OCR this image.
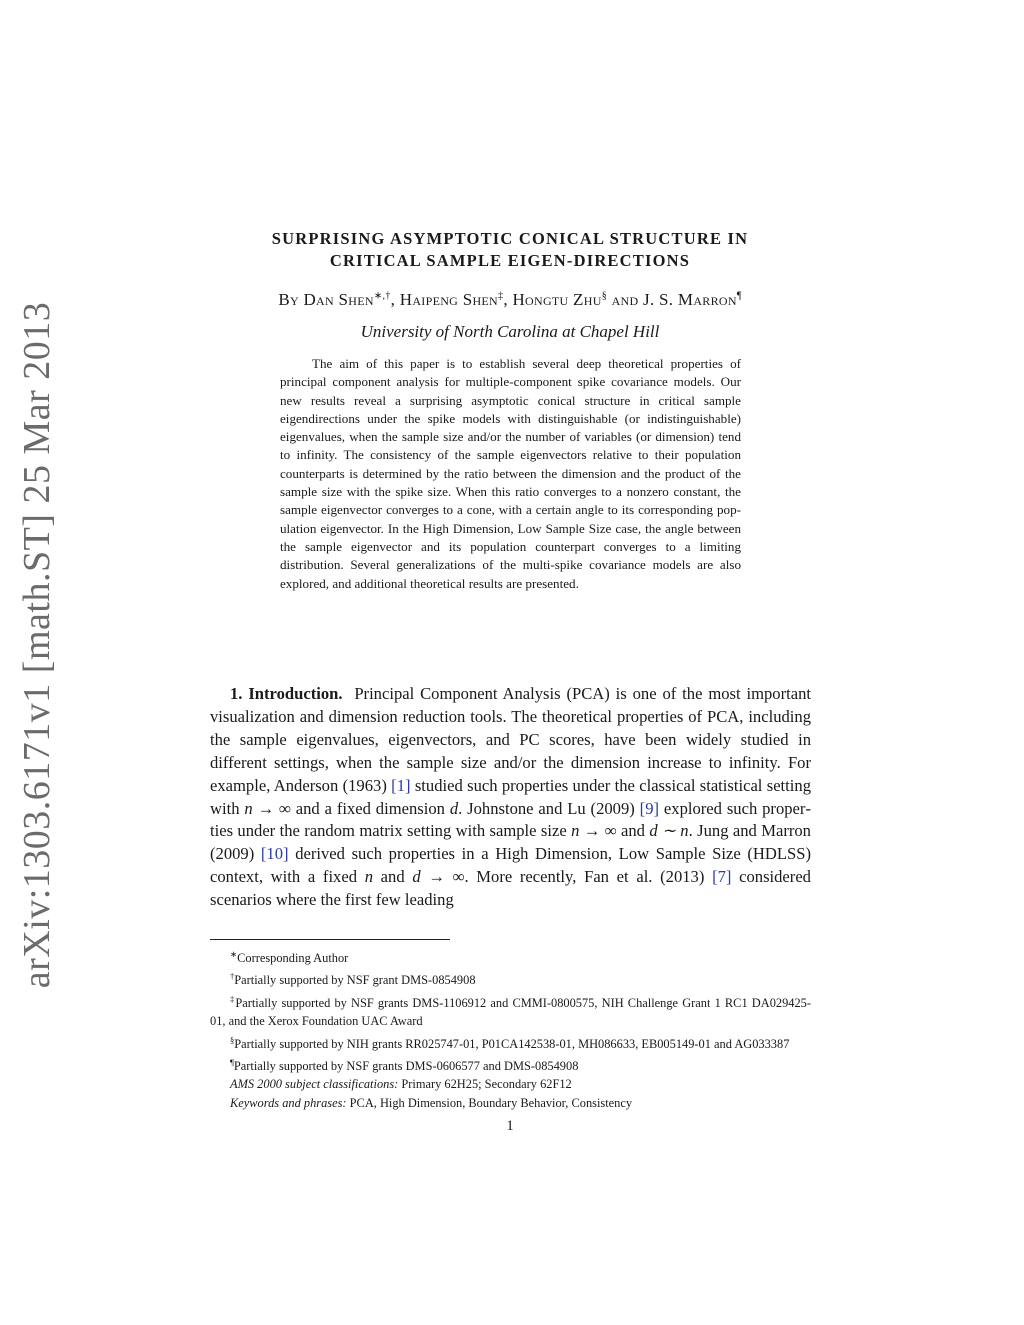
arXiv:1303.6171v1 [math.ST] 25 Mar 2013
SURPRISING ASYMPTOTIC CONICAL STRUCTURE IN
CRITICAL SAMPLE EIGEN-DIRECTIONS
By Dan Shen∗,†, Haipeng Shen‡, Hongtu Zhu§ and J. S. Marron¶
University of North Carolina at Chapel Hill

The aim of this paper is to establish several deep theoretical properties of principal component analysis for multiple-component spike covariance models. Our new results reveal a surprising asymptotic conical structure in critical sample eigendirections under the spike models with distinguishable (or indistinguishable) eigenvalues, when the sample size and/or the number of variables (or dimension) tend to infinity. The consistency of the sample eigenvectors relative to their population counterparts is determined by the ratio between the dimension and the product of the sample size with the spike size. When this ratio converges to a nonzero constant, the sample eigenvector converges to a cone, with a certain angle to its corresponding population eigenvector. In the High Dimension, Low Sample Size case, the angle between the sample eigenvector and its population counterpart converges to a limiting distribution. Several generalizations of the multi-spike covariance models are also explored, and additional theoretical results are presented.

1. Introduction. Principal Component Analysis (PCA) is one of the most important visualization and dimension reduction tools. The theoretical properties of PCA, including the sample eigenvalues, eigenvectors, and PC scores, have been widely studied in different settings, when the sample size and/or the dimension increase to infinity. For example, Anderson (1963) [1] studied such properties under the classical statistical setting with n → ∞ and a fixed dimension d. Johnstone and Lu (2009) [9] explored such properties under the random matrix setting with sample size n → ∞ and d ∼ n. Jung and Marron (2009) [10] derived such properties in a High Dimension, Low Sample Size (HDLSS) context, with a fixed n and d → ∞. More recently, Fan et al. (2013) [7] considered scenarios where the first few leading

∗Corresponding Author

†Partially supported by NSF grant DMS-0854908

‡Partially supported by NSF grants DMS-1106912 and CMMI-0800575, NIH Challenge Grant 1 RC1 DA029425-01, and the Xerox Foundation UAC Award

§Partially supported by NIH grants RR025747-01, P01CA142538-01, MH086633, EB005149-01 and AG033387

¶Partially supported by NSF grants DMS-0606577 and DMS-0854908

AMS 2000 subject classifications: Primary 62H25; Secondary 62F12

Keywords and phrases: PCA, High Dimension, Boundary Behavior, Consistency

1
